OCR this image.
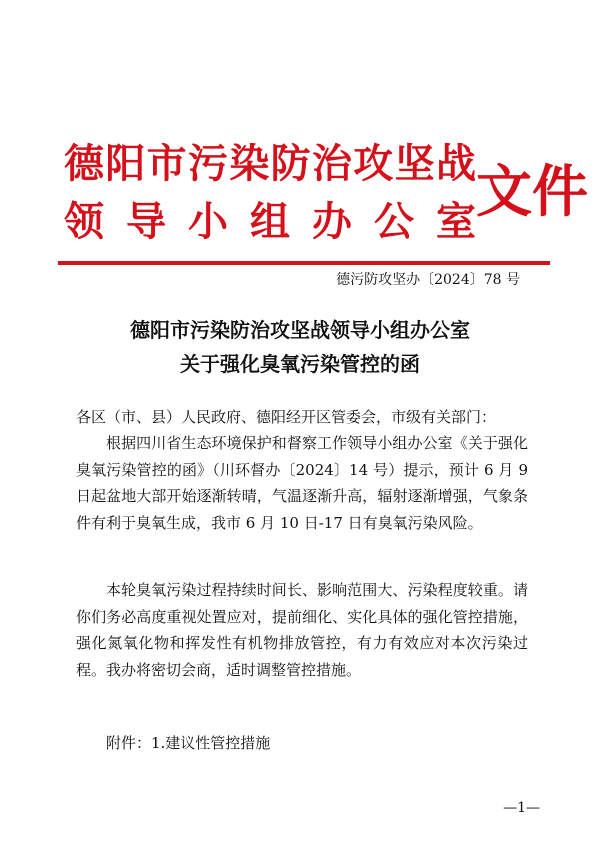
德 阳 市 污 染 防 治 攻 坚 战
领 导 小 组 办 公 室 文件
德污防攻坚办〔2024〕78 号
德阳市污染防治攻坚战领导小组办公室
关于强化臭氧污染管控的函
各区（市、县）人民政府、德阳经开区管委会，市级有关部门：
根据四川省生态环境保护和督察工作领导小组办公室《关于强化臭氧污染管控的函》（川环督办〔2024〕14 号）提示，预计 6 月 9 日起盆地大部开始逐渐转晴，气温逐渐升高，辐射逐渐增强，气象条件有利于臭氧生成，我市 6 月 10 日-17 日有臭氧污染风险。
本轮臭氧污染过程持续时间长、影响范围大、污染程度较重。请你们务必高度重视处置应对，提前细化、实化具体的强化管控措施，强化氮氧化物和挥发性有机物排放管控，有力有效应对本次污染过程。我办将密切会商，适时调整管控措施。
附件：1.建议性管控措施
—1—
